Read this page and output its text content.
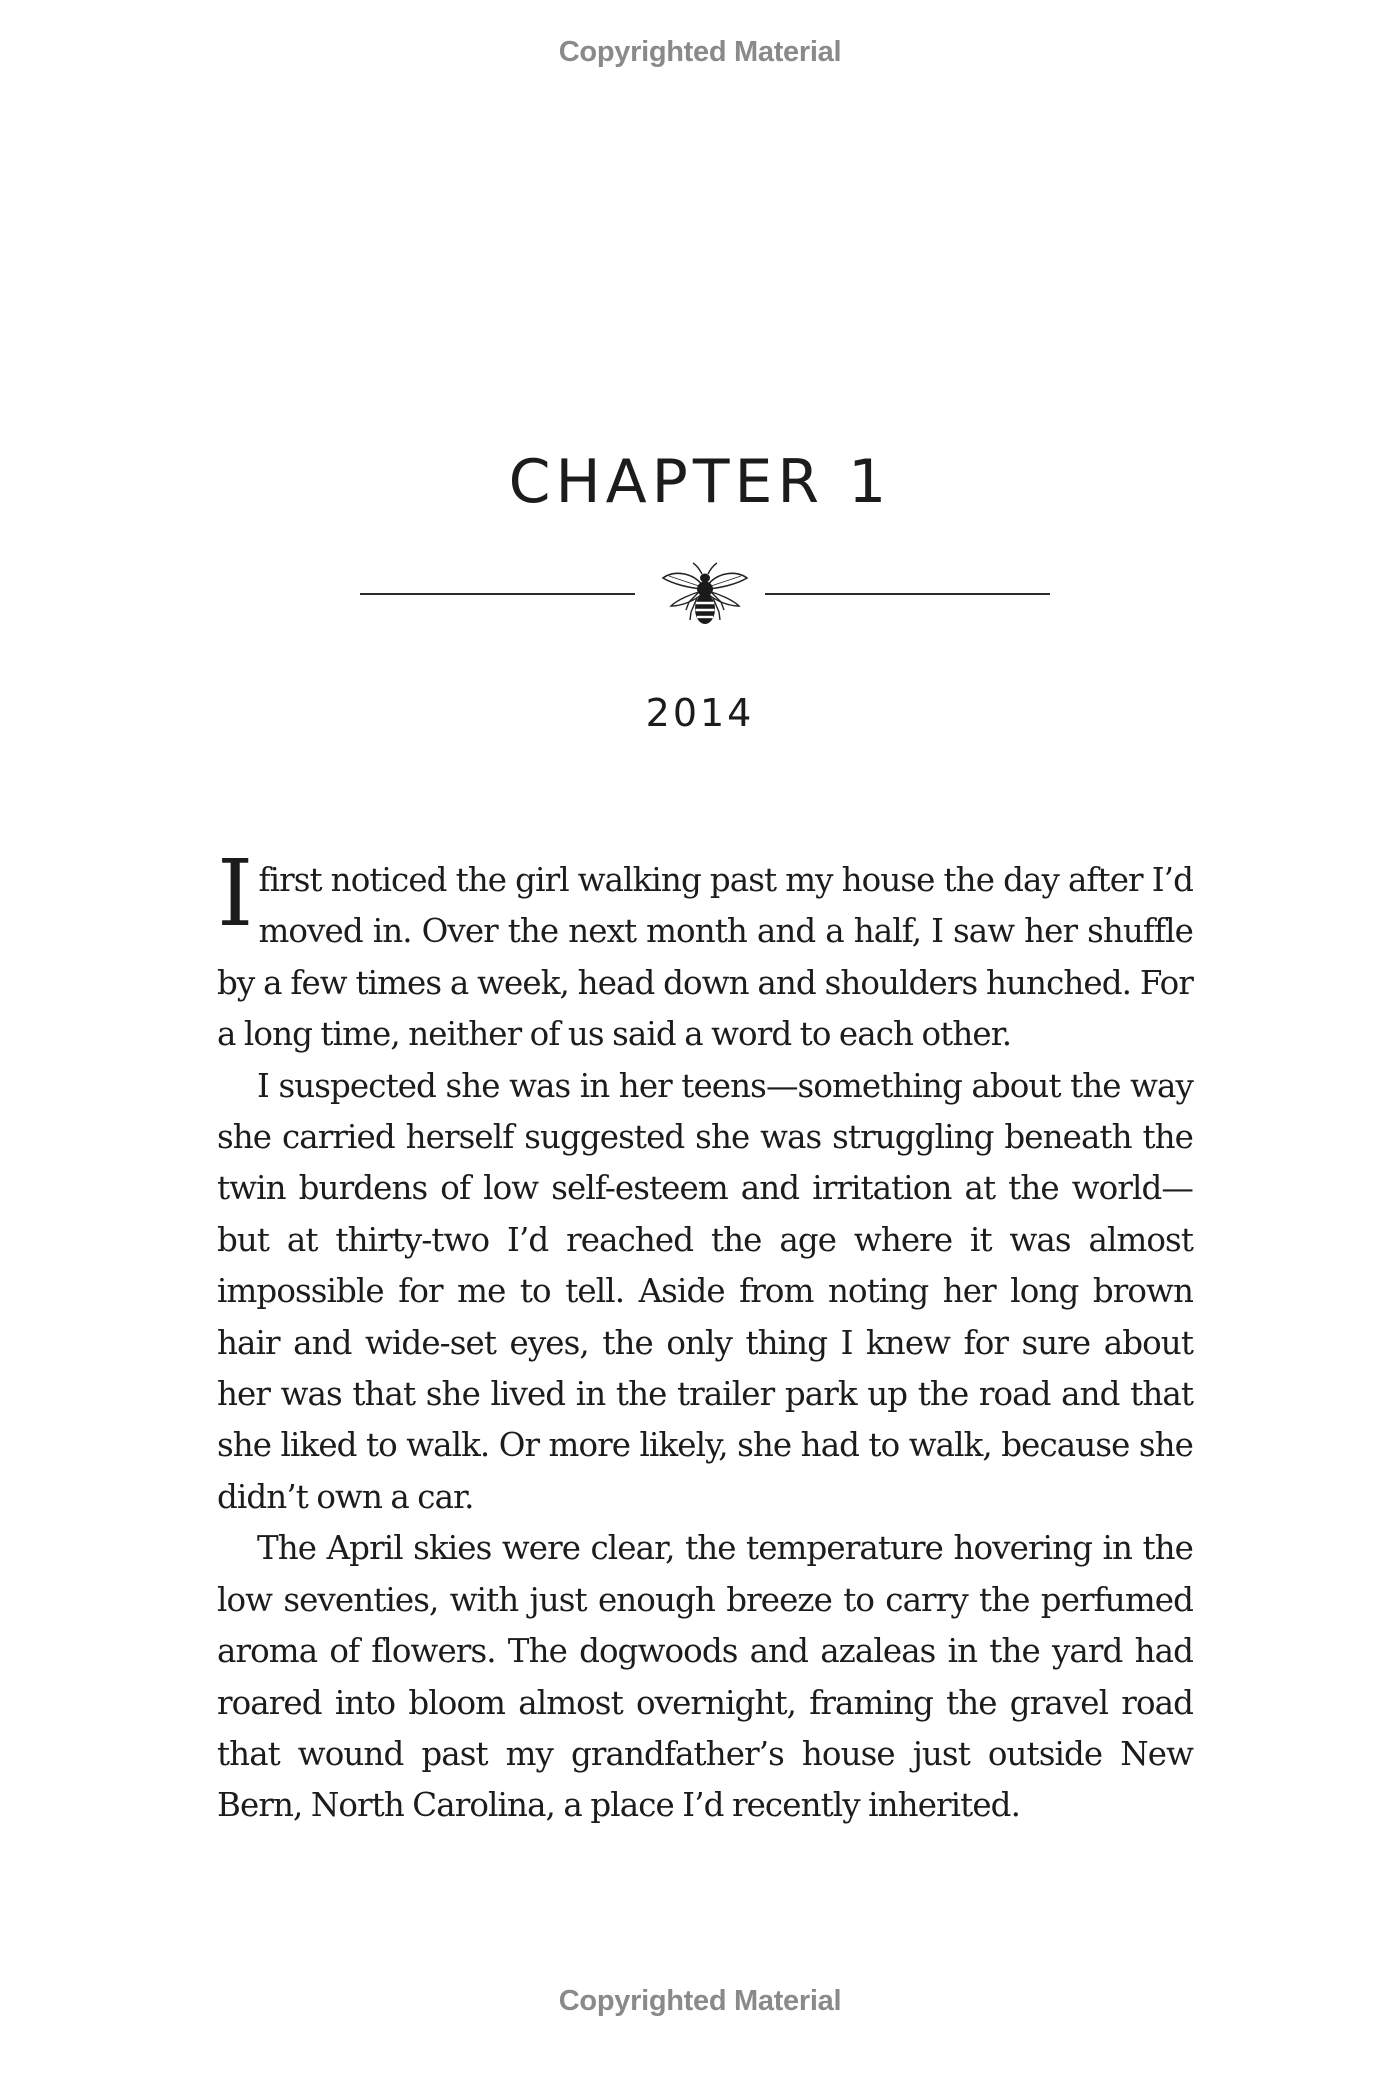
Copyrighted Material
CHAPTER 1
2014

I first noticed the girl walking past my house the day after I’d moved in. Over the next month and a half, I saw her shuffle by a few times a week, head down and shoulders hunched. For a long time, neither of us said a word to each other.

I suspected she was in her teens—something about the way she carried herself suggested she was struggling beneath the twin burdens of low self-esteem and irritation at the world—but at thirty-two I’d reached the age where it was almost impossible for me to tell. Aside from noting her long brown hair and wide-set eyes, the only thing I knew for sure about her was that she lived in the trailer park up the road and that she liked to walk. Or more likely, she had to walk, because she didn’t own a car.

The April skies were clear, the temperature hovering in the low seventies, with just enough breeze to carry the perfumed aroma of flowers. The dogwoods and azaleas in the yard had roared into bloom almost overnight, framing the gravel road that wound past my grandfather’s house just outside New Bern, North Carolina, a place I’d recently inherited.

Copyrighted Material
